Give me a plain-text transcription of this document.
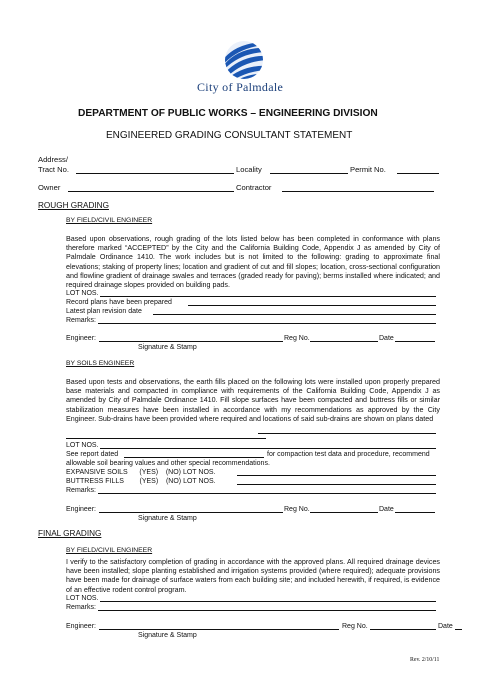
City of Palmdale
DEPARTMENT OF PUBLIC WORKS – ENGINEERING DIVISION
ENGINEERED GRADING CONSULTANT STATEMENT
Address/
Tract No.	Locality	Permit No.
Owner	Contractor
ROUGH GRADING
BY FIELD/CIVIL ENGINEER
Based upon observations, rough grading of the lots listed below has been completed in conformance with plans therefore marked “ACCEPTED” by the City and the California Building Code, Appendix J as amended by City of Palmdale Ordinance 1410. The work includes but is not limited to the following: grading to approximate final elevations; staking of property lines; location and gradient of cut and fill slopes; location, cross-sectional configuration and flowline gradient of drainage swales and terraces (graded ready for paving); berms installed where indicated; and required drainage slopes provided on building pads.
LOT NOS.
Record plans have been prepared
Latest plan revision date
Remarks:
Engineer:	Reg No.	Date
Signature & Stamp
BY SOILS ENGINEER
Based upon tests and observations, the earth fills placed on the following lots were installed upon properly prepared base materials and compacted in compliance with requirements of the California Building Code, Appendix J as amended by City of Palmdale Ordinance 1410. Fill slope surfaces have been compacted and buttress fills or similar stabilization measures have been installed in accordance with my recommendations as approved by the City Engineer. Sub-drains have been provided where required and locations of said sub-drains are shown on plans dated
LOT NOS.
See report dated	for compaction test data and procedure, recommend
allowable soil bearing values and other special recommendations.
EXPANSIVE SOILS      (YES)    (NO) LOT NOS.
BUTTRESS FILLS        (YES)    (NO) LOT NOS.
Remarks:
Engineer:	Reg No.	Date
Signature & Stamp
FINAL GRADING
BY FIELD/CIVIL ENGINEER
I verify to the satisfactory completion of grading in accordance with the approved plans. All required drainage devices have been installed; slope planting established and irrigation systems provided (where required); adequate provisions have been made for drainage of surface waters from each building site; and included herewith, if required, is evidence of an effective rodent control program.
LOT NOS.
Remarks:
Engineer:	Reg No.	Date
Signature & Stamp
Rev. 2/10/11
